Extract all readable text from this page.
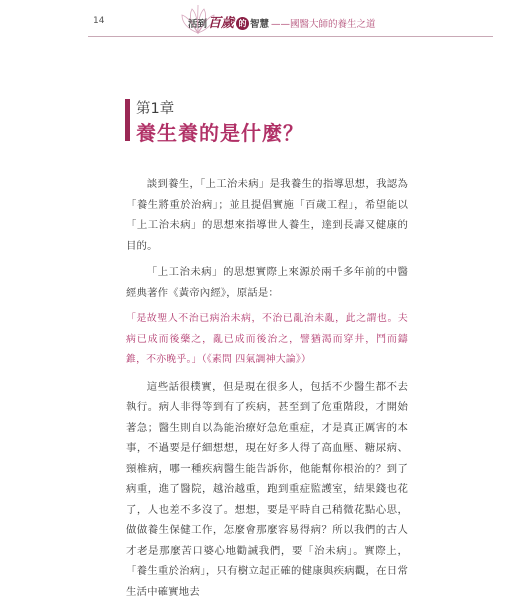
14	活到 百歲 的 智慧 ——國醫大師的養生之道
第1章
養生養的是什麼？

談到養生，「上工治未病」是我養生的指導思想，我認為「養生將重於治病」；並且提倡實施「百歲工程」，希望能以「上工治未病」的思想來指導世人養生，達到長壽又健康的目的。

「上工治未病」的思想實際上來源於兩千多年前的中醫經典著作《黃帝內經》，原話是：

「是故聖人不治已病治未病，不治已亂治未亂，此之謂也。夫病已成而後藥之，亂已成而後治之，譬猶渴而穿井，鬥而鑄錐，不亦晚乎。」（《素問 四氣調神大論》）

這些話很樸實，但是現在很多人，包括不少醫生都不去執行。病人非得等到有了疾病，甚至到了危重階段，才開始著急；醫生則自以為能治療好急危重症，才是真正厲害的本事，不過要是仔細想想，現在好多人得了高血壓、糖尿病、頸椎病，哪一種疾病醫生能告訴你，他能幫你根治的？到了病重，進了醫院，越治越重，跑到重症監護室，結果錢也花了，人也差不多沒了。想想，要是平時自己稍微花點心思，做做養生保健工作，怎麼會那麼容易得病？所以我們的古人才老是那麼苦口婆心地勸誡我們，要「治未病」。實際上，「養生重於治病」，只有樹立起正確的健康與疾病觀，在日常生活中確實地去
